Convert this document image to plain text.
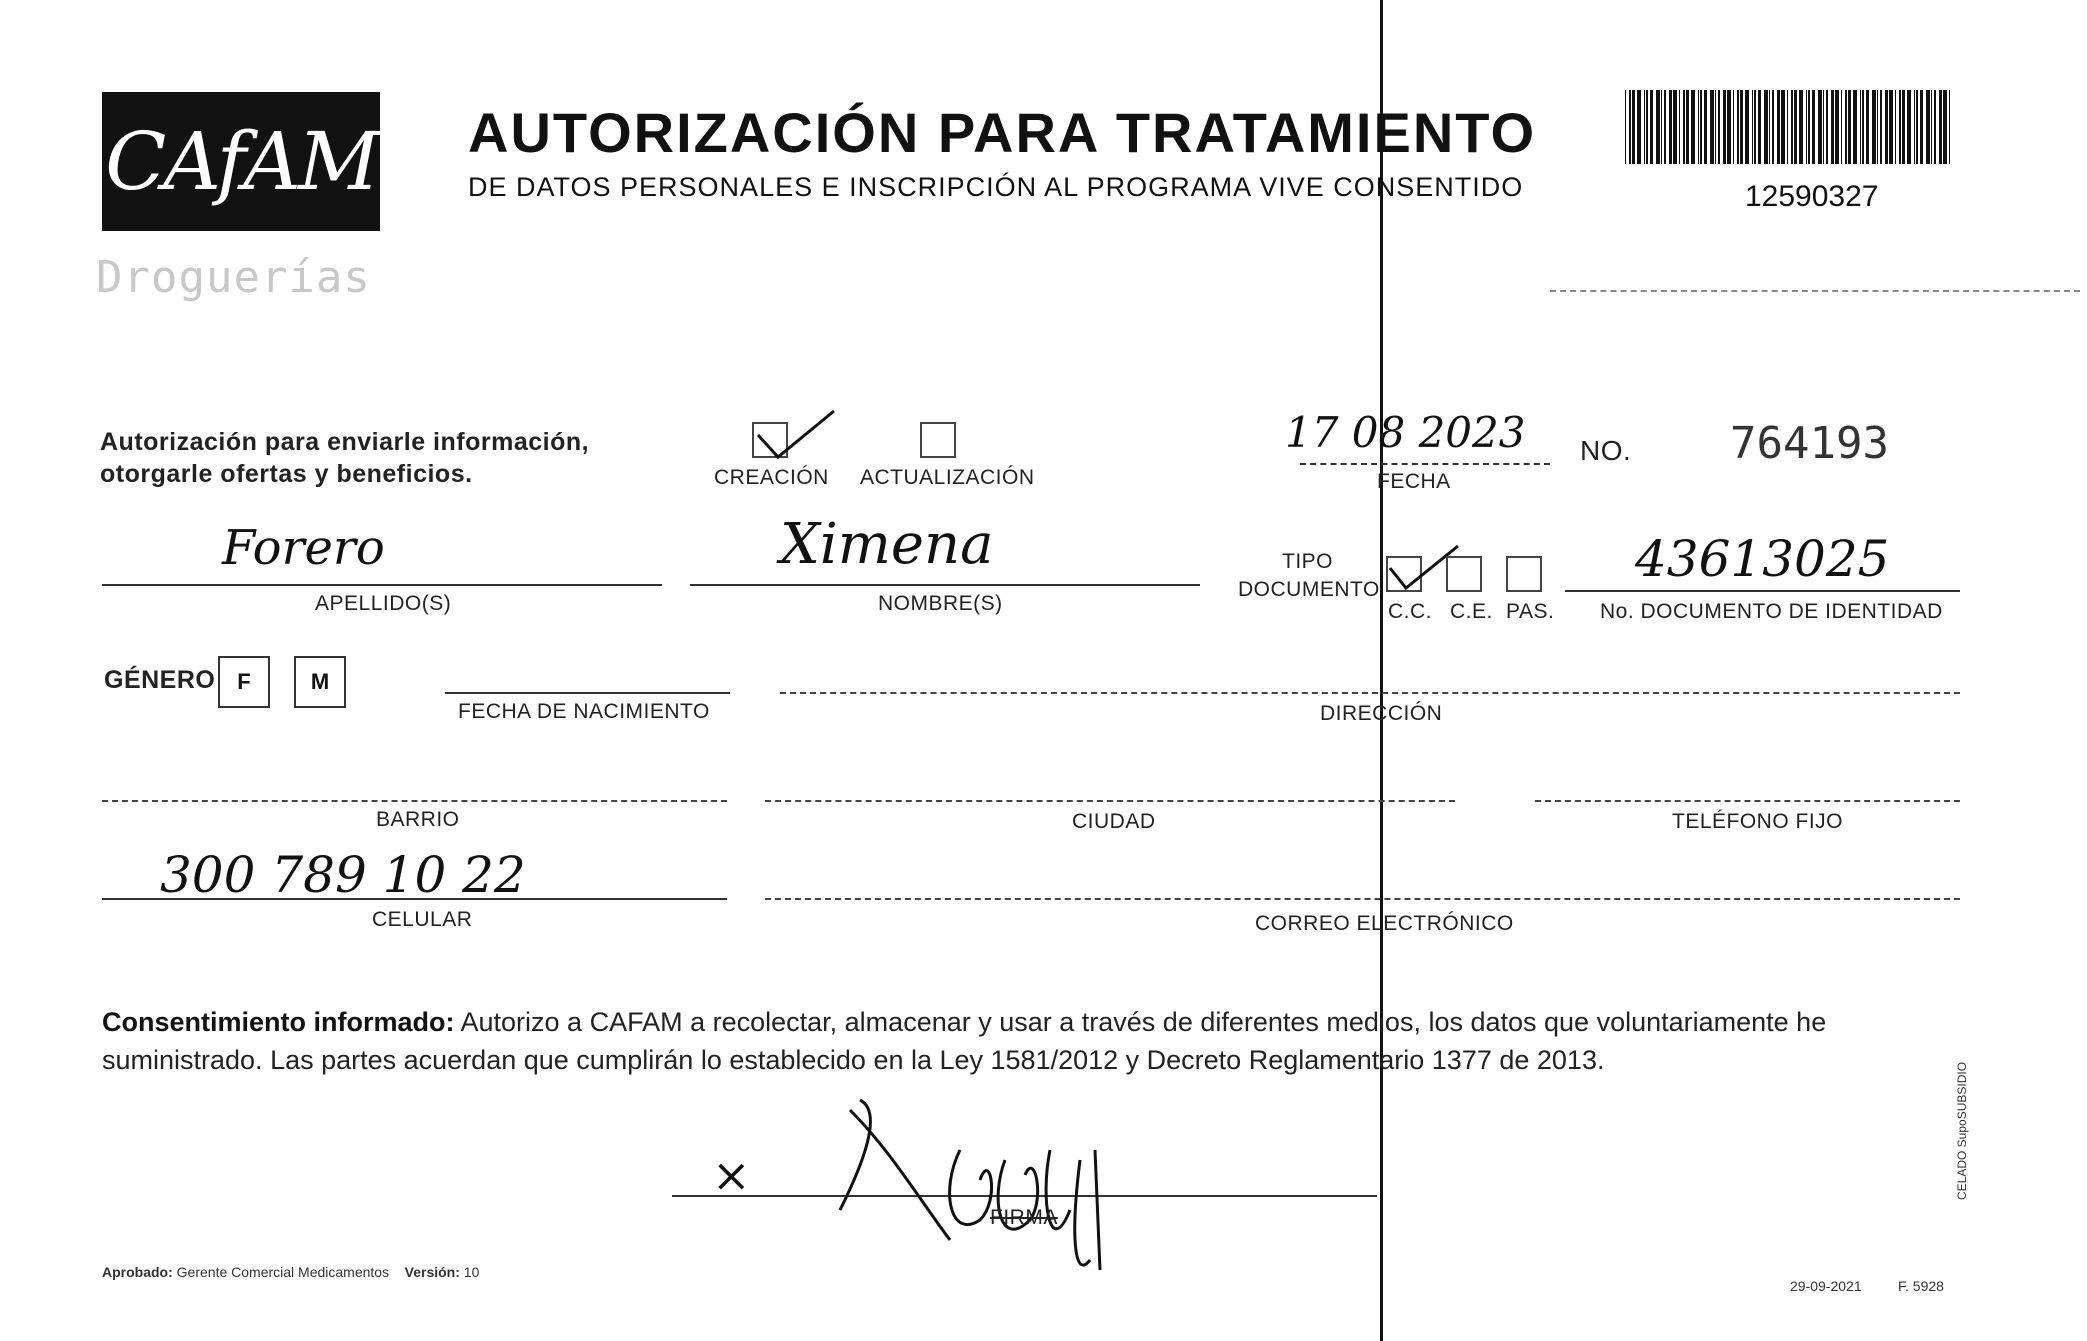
CAfAM
Droguerías
AUTORIZACIÓN PARA TRATAMIENTO
DE DATOS PERSONALES E INSCRIPCIÓN AL PROGRAMA VIVE CONSENTIDO	12590327
Autorización para enviarle información,
otorgarle ofertas y beneficios.	CREACIÓN ACTUALIZACIÓN
17 08 2023
FECHA
NO. 764193
Forero
APELLIDO(S)
Ximena
NOMBRE(S)
TIPO
DOCUMENTO
C.C. C.E. PAS.
43613025
No. DOCUMENTO DE IDENTIDAD
GÉNERO F	M
FECHA DE NACIMIENTO	DIRECCIÓN
BARRIO	CIUDAD	TELÉFONO FIJO
300 789 10 22
CELULAR	CORREO ELECTRÓNICO
Consentimiento informado: Autorizo a CAFAM a recolectar, almacenar y usar a través de diferentes medios, los datos que voluntariamente he suministrado. Las partes acuerdan que cumplirán lo establecido en la Ley 1581/2012 y Decreto Reglamentario 1377 de 2013.
×
FIRMA
Aprobado: Gerente Comercial Medicamentos Versión: 10
29-09-2021	F. 5928
CELADO SupoSUBSIDIO
